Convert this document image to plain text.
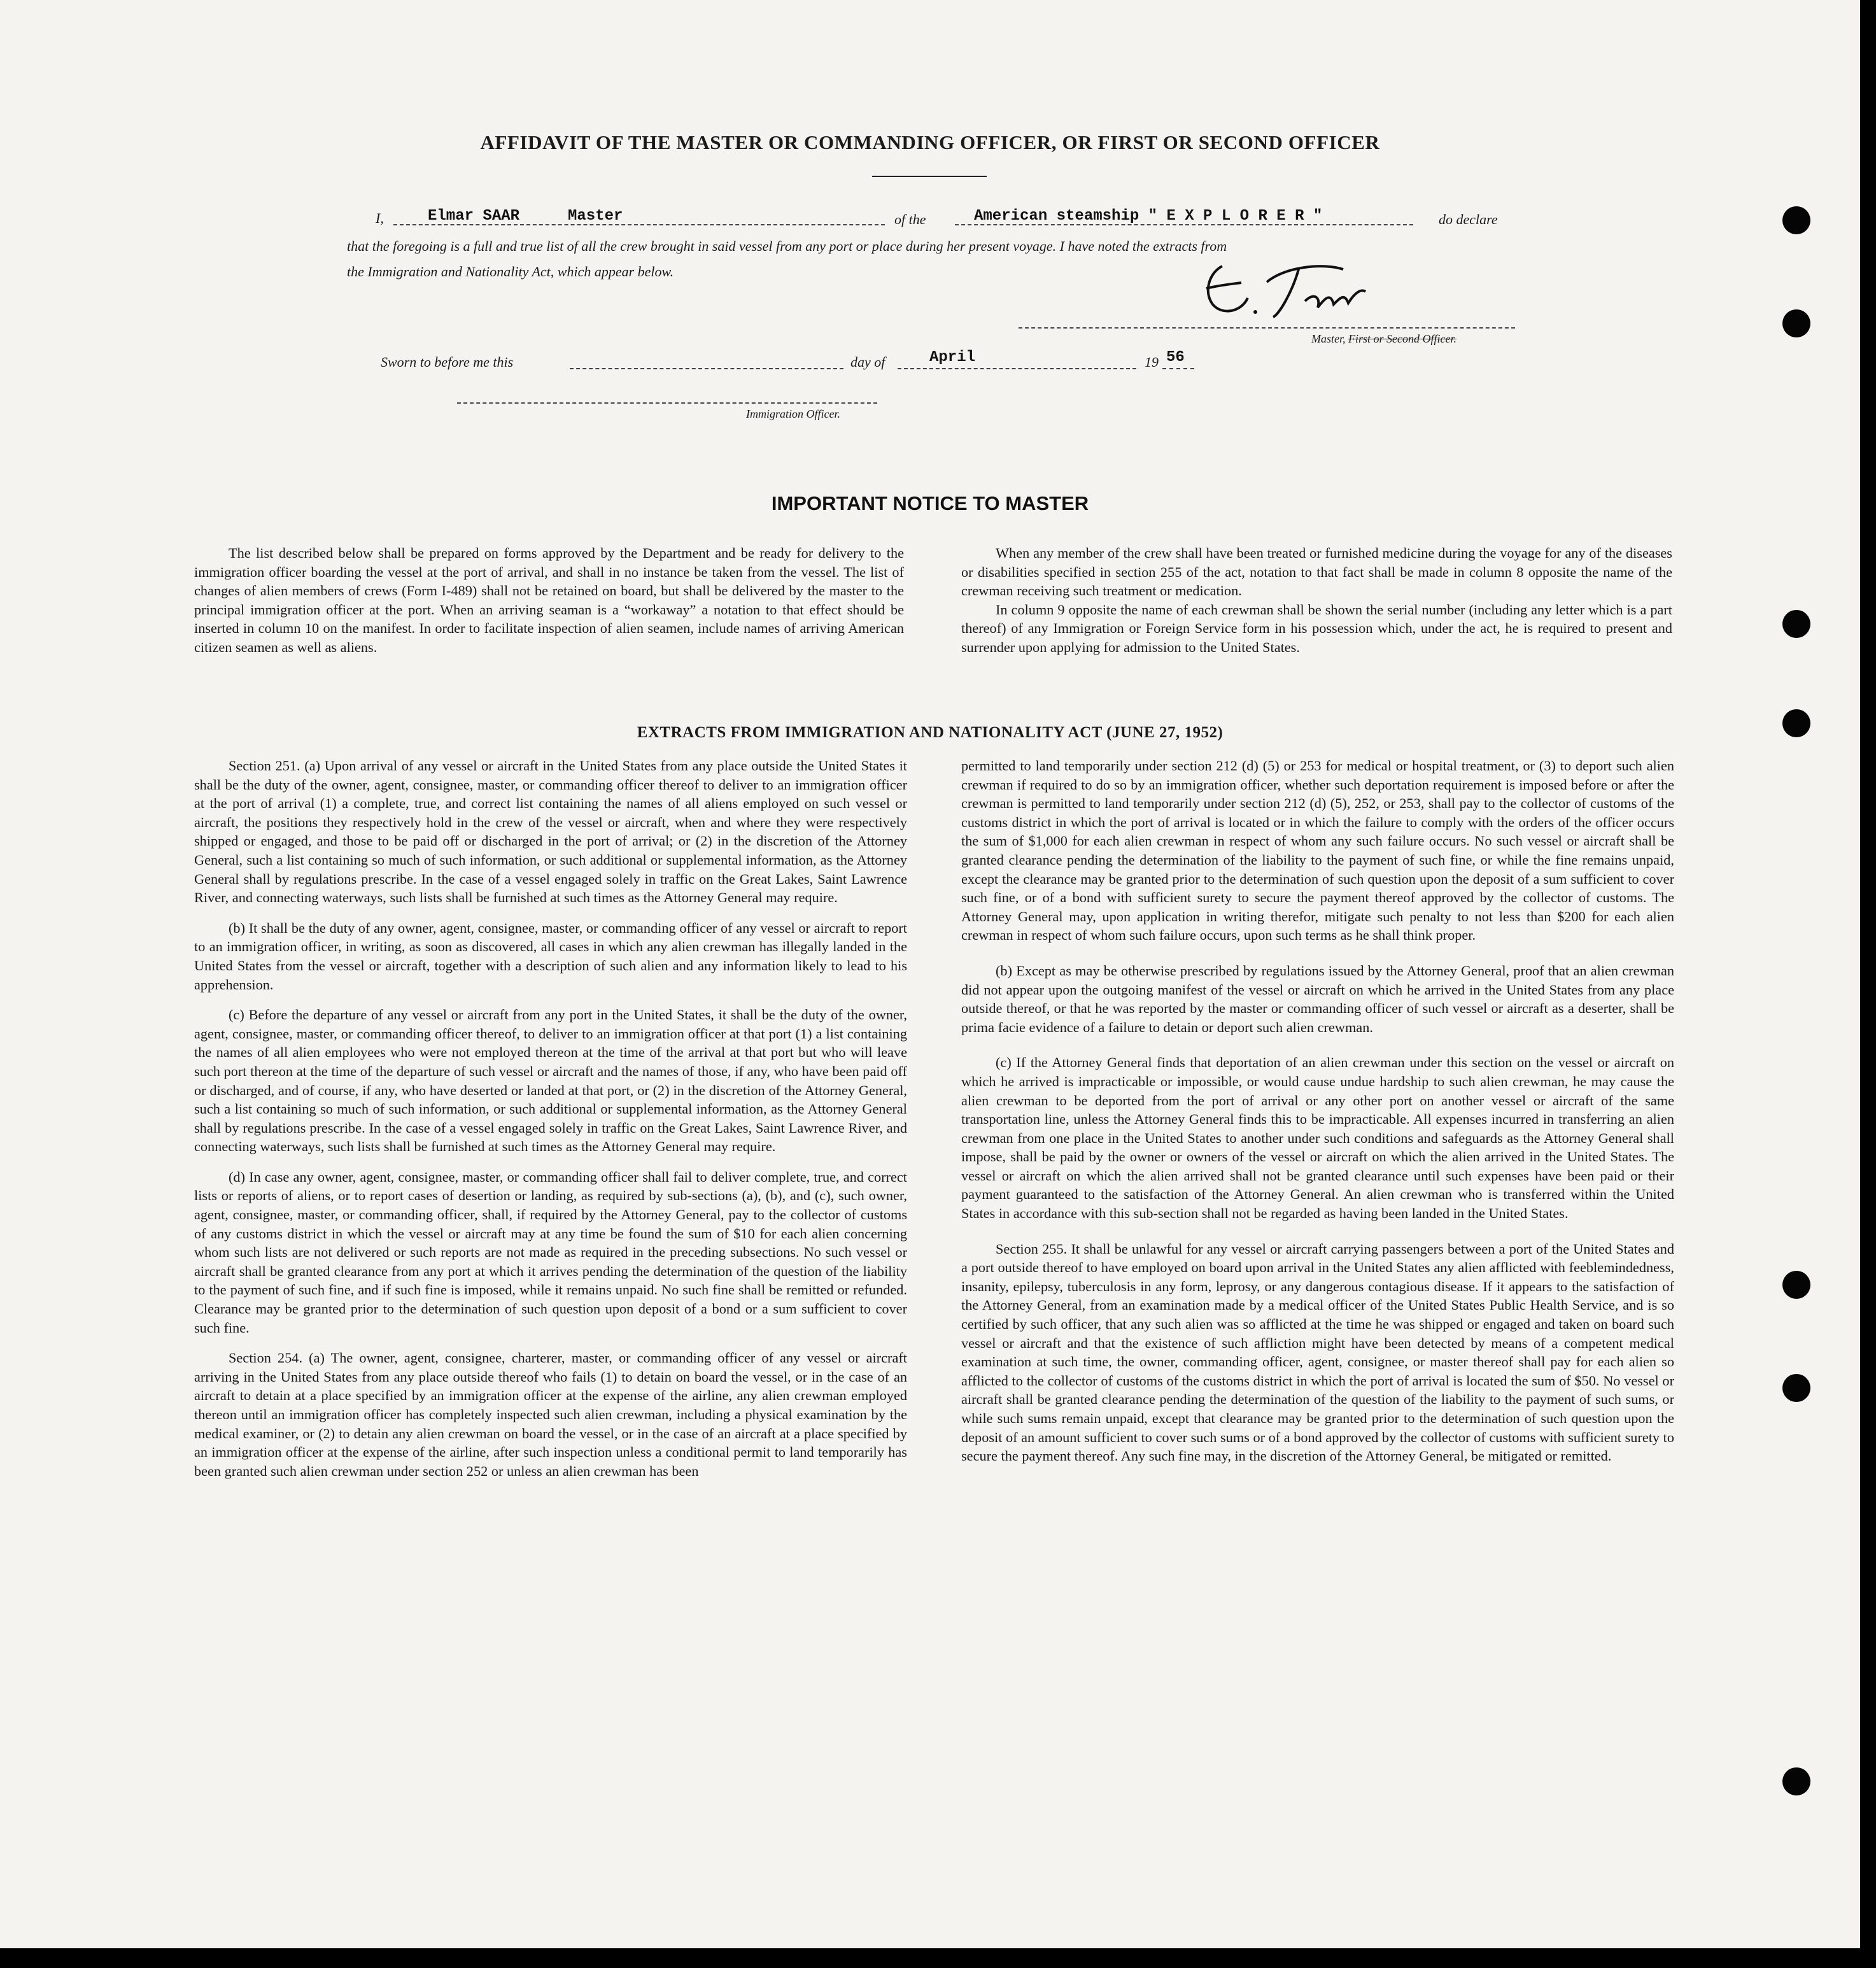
AFFIDAVIT OF THE MASTER OR COMMANDING OFFICER, OR FIRST OR SECOND OFFICER
I,	Elmar SAAR	Master	of the	American steamship " E X P L O R E R "	do declare
that the foregoing is a full and true list of all the crew brought in said vessel from any port or place during her present voyage. I have noted the extracts from
the Immigration and Nationality Act, which appear below.
Master, First or Second Officer.
Sworn to before me this	day of	April	19 56
Immigration Officer.
IMPORTANT NOTICE TO MASTER

The list described below shall be prepared on forms approved by the Department and be ready for delivery to the immigration officer boarding the vessel at the port of arrival, and shall in no instance be taken from the vessel. The list of changes of alien members of crews (Form I-489) shall not be retained on board, but shall be delivered by the master to the principal immigration officer at the port. When an arriving seaman is a “workaway” a notation to that effect should be inserted in column 10 on the manifest. In order to facilitate inspection of alien seamen, include names of arriving American citizen seamen as well as aliens.

When any member of the crew shall have been treated or furnished medicine during the voyage for any of the diseases or disabilities specified in section 255 of the act, notation to that fact shall be made in column 8 opposite the name of the crewman receiving such treatment or medication.

In column 9 opposite the name of each crewman shall be shown the serial number (including any letter which is a part thereof) of any Immigration or Foreign Service form in his possession which, under the act, he is required to present and surrender upon applying for admission to the United States.

EXTRACTS FROM IMMIGRATION AND NATIONALITY ACT (JUNE 27, 1952)

Section 251. (a) Upon arrival of any vessel or aircraft in the United States from any place outside the United States it shall be the duty of the owner, agent, consignee, master, or commanding officer thereof to deliver to an immigration officer at the port of arrival (1) a complete, true, and correct list containing the names of all aliens employed on such vessel or aircraft, the positions they respectively hold in the crew of the vessel or aircraft, when and where they were respectively shipped or engaged, and those to be paid off or discharged in the port of arrival; or (2) in the discretion of the Attorney General, such a list containing so much of such information, or such additional or supplemental information, as the Attorney General shall by regulations prescribe. In the case of a vessel engaged solely in traffic on the Great Lakes, Saint Lawrence River, and connecting waterways, such lists shall be furnished at such times as the Attorney General may require.

(b) It shall be the duty of any owner, agent, consignee, master, or commanding officer of any vessel or aircraft to report to an immigration officer, in writing, as soon as discovered, all cases in which any alien crewman has illegally landed in the United States from the vessel or aircraft, together with a description of such alien and any information likely to lead to his apprehension.

(c) Before the departure of any vessel or aircraft from any port in the United States, it shall be the duty of the owner, agent, consignee, master, or commanding officer thereof, to deliver to an immigration officer at that port (1) a list containing the names of all alien employees who were not employed thereon at the time of the arrival at that port but who will leave such port thereon at the time of the departure of such vessel or aircraft and the names of those, if any, who have been paid off or discharged, and of course, if any, who have deserted or landed at that port, or (2) in the discretion of the Attorney General, such a list containing so much of such information, or such additional or supplemental information, as the Attorney General shall by regulations prescribe. In the case of a vessel engaged solely in traffic on the Great Lakes, Saint Lawrence River, and connecting waterways, such lists shall be furnished at such times as the Attorney General may require.

(d) In case any owner, agent, consignee, master, or commanding officer shall fail to deliver complete, true, and correct lists or reports of aliens, or to report cases of desertion or landing, as required by sub-sections (a), (b), and (c), such owner, agent, consignee, master, or commanding officer, shall, if required by the Attorney General, pay to the collector of customs of any customs district in which the vessel or aircraft may at any time be found the sum of $10 for each alien concerning whom such lists are not delivered or such reports are not made as required in the preceding subsections. No such vessel or aircraft shall be granted clearance from any port at which it arrives pending the determination of the question of the liability to the payment of such fine, and if such fine is imposed, while it remains unpaid. No such fine shall be remitted or refunded. Clearance may be granted prior to the determination of such question upon deposit of a bond or a sum sufficient to cover such fine.

Section 254. (a) The owner, agent, consignee, charterer, master, or commanding officer of any vessel or aircraft arriving in the United States from any place outside thereof who fails (1) to detain on board the vessel, or in the case of an aircraft to detain at a place specified by an immigration officer at the expense of the airline, any alien crewman employed thereon until an immigration officer has completely inspected such alien crewman, including a physical examination by the medical examiner, or (2) to detain any alien crewman on board the vessel, or in the case of an aircraft at a place specified by an immigration officer at the expense of the airline, after such inspection unless a conditional permit to land temporarily has been granted such alien crewman under section 252 or unless an alien crewman has been

permitted to land temporarily under section 212 (d) (5) or 253 for medical or hospital treatment, or (3) to deport such alien crewman if required to do so by an immigration officer, whether such deportation requirement is imposed before or after the crewman is permitted to land temporarily under section 212 (d) (5), 252, or 253, shall pay to the collector of customs of the customs district in which the port of arrival is located or in which the failure to comply with the orders of the officer occurs the sum of $1,000 for each alien crewman in respect of whom any such failure occurs. No such vessel or aircraft shall be granted clearance pending the determination of the liability to the payment of such fine, or while the fine remains unpaid, except the clearance may be granted prior to the determination of such question upon the deposit of a sum sufficient to cover such fine, or of a bond with sufficient surety to secure the payment thereof approved by the collector of customs. The Attorney General may, upon application in writing therefor, mitigate such penalty to not less than $200 for each alien crewman in respect of whom such failure occurs, upon such terms as he shall think proper.

(b) Except as may be otherwise prescribed by regulations issued by the Attorney General, proof that an alien crewman did not appear upon the outgoing manifest of the vessel or aircraft on which he arrived in the United States from any place outside thereof, or that he was reported by the master or commanding officer of such vessel or aircraft as a deserter, shall be prima facie evidence of a failure to detain or deport such alien crewman.

(c) If the Attorney General finds that deportation of an alien crewman under this section on the vessel or aircraft on which he arrived is impracticable or impossible, or would cause undue hardship to such alien crewman, he may cause the alien crewman to be deported from the port of arrival or any other port on another vessel or aircraft of the same transportation line, unless the Attorney General finds this to be impracticable. All expenses incurred in transferring an alien crewman from one place in the United States to another under such conditions and safeguards as the Attorney General shall impose, shall be paid by the owner or owners of the vessel or aircraft on which the alien arrived in the United States. The vessel or aircraft on which the alien arrived shall not be granted clearance until such expenses have been paid or their payment guaranteed to the satisfaction of the Attorney General. An alien crewman who is transferred within the United States in accordance with this sub-section shall not be regarded as having been landed in the United States.

Section 255. It shall be unlawful for any vessel or aircraft carrying passengers between a port of the United States and a port outside thereof to have employed on board upon arrival in the United States any alien afflicted with feeblemindedness, insanity, epilepsy, tuberculosis in any form, leprosy, or any dangerous contagious disease. If it appears to the satisfaction of the Attorney General, from an examination made by a medical officer of the United States Public Health Service, and is so certified by such officer, that any such alien was so afflicted at the time he was shipped or engaged and taken on board such vessel or aircraft and that the existence of such affliction might have been detected by means of a competent medical examination at such time, the owner, commanding officer, agent, consignee, or master thereof shall pay for each alien so afflicted to the collector of customs of the customs district in which the port of arrival is located the sum of $50. No vessel or aircraft shall be granted clearance pending the determination of the question of the liability to the payment of such sums, or while such sums remain unpaid, except that clearance may be granted prior to the determination of such question upon the deposit of an amount sufficient to cover such sums or of a bond approved by the collector of customs with sufficient surety to secure the payment thereof. Any such fine may, in the discretion of the Attorney General, be mitigated or remitted.
